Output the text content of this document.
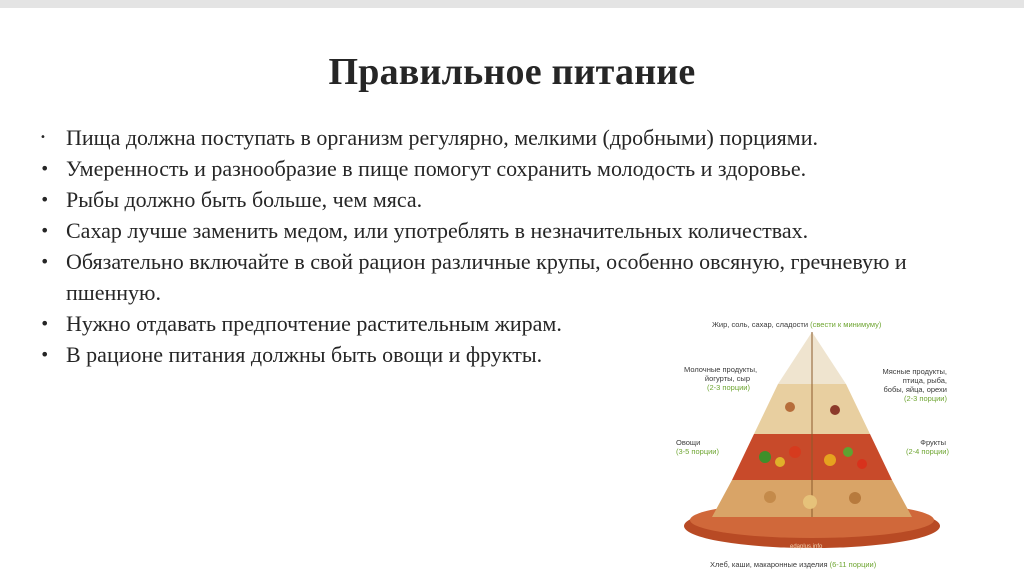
Правильное питание
• Пища должна поступать в организм регулярно, мелкими (дробными) порциями.
• Умеренность и разнообразие в пище помогут сохранить молодость и здоровье.
• Рыбы должно быть больше, чем мяса.
• Сахар лучше заменить медом, или употреблять в незначительных количествах.
• Обязательно включайте в свой рацион различные крупы, особенно овсяную, гречневую и пшенную.
• Нужно отдавать предпочтение растительным жирам.
• В рационе питания должны быть овощи и фрукты.
Жир, соль, сахар, сладости (свести к минимуму)
Молочные продукты,
йогурты, сыр
(2-3 порции)
Мясные продукты,
птица, рыба,
бобы, яйца, орехи
(2-3 порции)
Овощи
(3-5 порции)
Фрукты
(2-4 порции)
edaplus.info
Хлеб, каши, макаронные изделия (6-11 порции)
